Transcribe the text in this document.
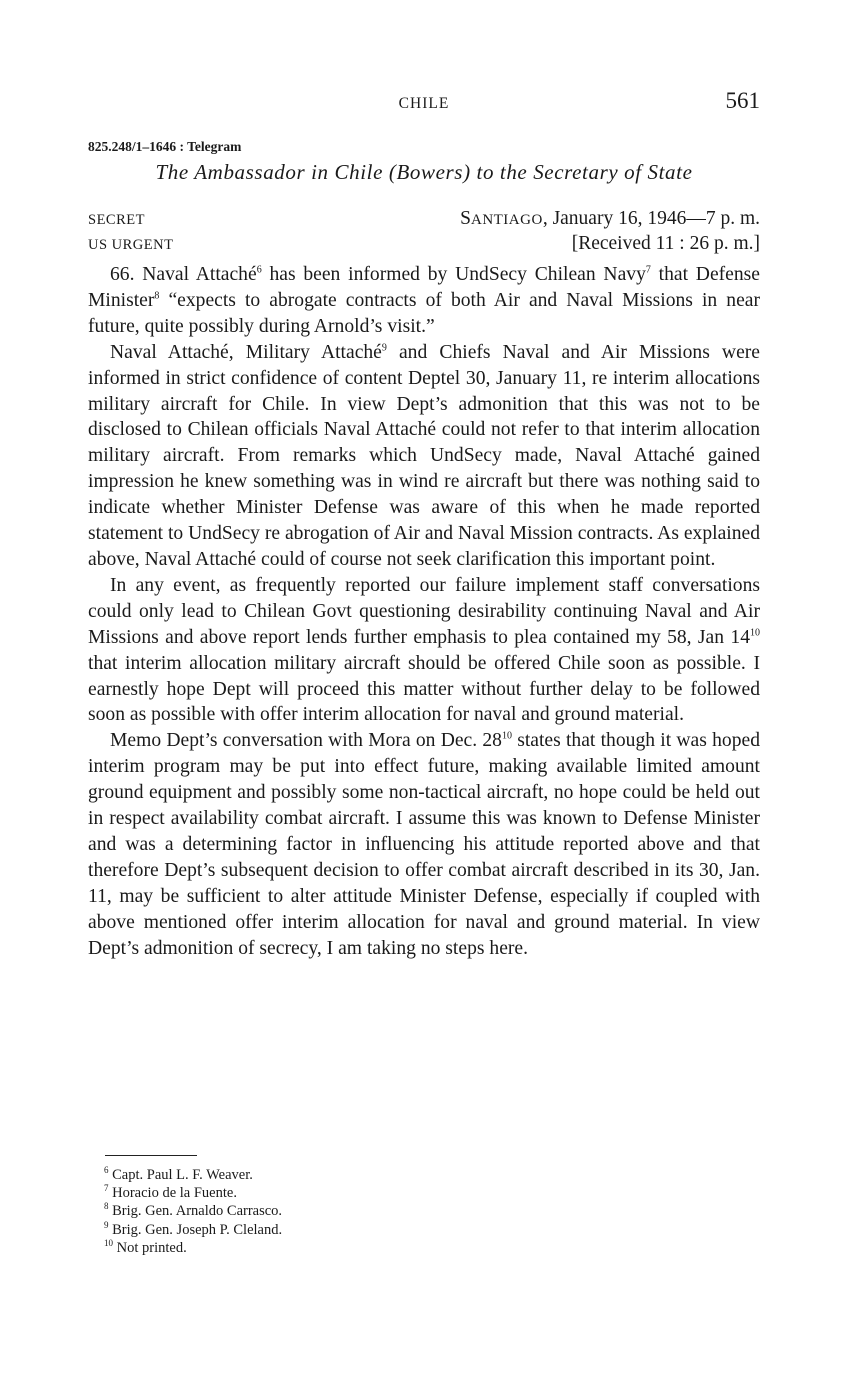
CHILE	561
825.248/1–1646 : Telegram
The Ambassador in Chile (Bowers) to the Secretary of State
SECRET	SANTIAGO, January 16, 1946—7 p. m.
US URGENT	[Received 11 : 26 p. m.]

66. Naval Attaché$^6$ has been informed by UndSecy Chilean Navy$^7$ that Defense Minister$^8$ “expects to abrogate contracts of both Air and Naval Missions in near future, quite possibly during Arnold’s visit.”

Naval Attaché, Military Attaché$^9$ and Chiefs Naval and Air Missions were informed in strict confidence of content Deptel 30, January 11, re interim allocations military aircraft for Chile. In view Dept’s admonition that this was not to be disclosed to Chilean officials Naval Attaché could not refer to that interim allocation military aircraft. From remarks which UndSecy made, Naval Attaché gained impression he knew something was in wind re aircraft but there was nothing said to indicate whether Minister Defense was aware of this when he made reported statement to UndSecy re abrogation of Air and Naval Mission contracts. As explained above, Naval Attaché could of course not seek clarification this important point.

In any event, as frequently reported our failure implement staff conversations could only lead to Chilean Govt questioning desirability continuing Naval and Air Missions and above report lends further emphasis to plea contained my 58, Jan $14^{10}$ that interim allocation military aircraft should be offered Chile soon as possible. I earnestly hope Dept will proceed this matter without further delay to be followed soon as possible with offer interim allocation for naval and ground material.

Memo Dept’s conversation with Mora on Dec. $28^{10}$ states that though it was hoped interim program may be put into effect future, making available limited amount ground equipment and possibly some non-tactical aircraft, no hope could be held out in respect availability combat aircraft. I assume this was known to Defense Minister and was a determining factor in influencing his attitude reported above and that therefore Dept’s subsequent decision to offer combat aircraft described in its 30, Jan. 11, may be sufficient to alter attitude Minister Defense, especially if coupled with above mentioned offer interim allocation for naval and ground material. In view Dept’s admonition of secrecy, I am taking no steps here.

$^6$ Capt. Paul L. F. Weaver.
$^7$ Horacio de la Fuente.
$^8$ Brig. Gen. Arnaldo Carrasco.
$^9$ Brig. Gen. Joseph P. Cleland.
$^{10}$ Not printed.
